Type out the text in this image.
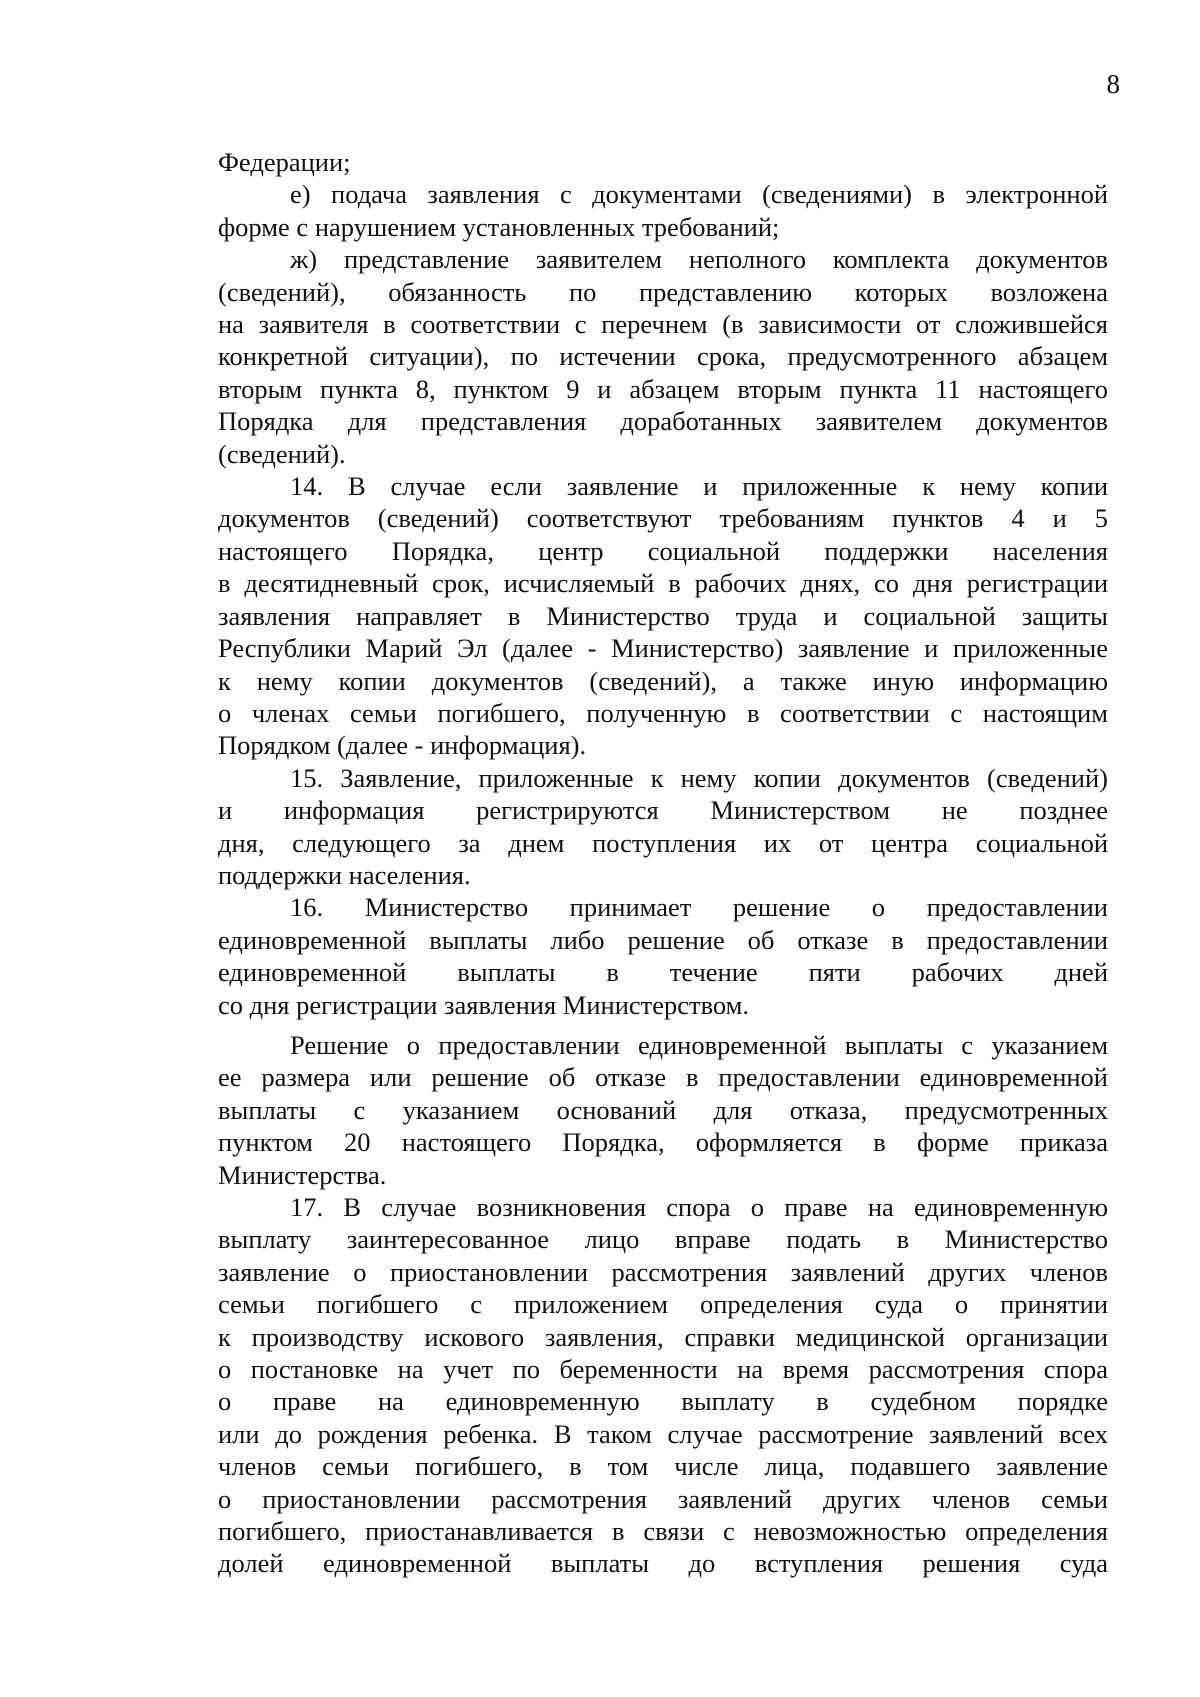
8
Федерации;
е) подача заявления с документами (сведениями) в электронной
форме с нарушением установленных требований;
ж) представление заявителем неполного комплекта документов
(сведений), обязанность по представлению которых возложена
на заявителя в соответствии с перечнем (в зависимости от сложившейся
конкретной ситуации), по истечении срока, предусмотренного абзацем
вторым пункта 8, пунктом 9 и абзацем вторым пункта 11 настоящего
Порядка для представления доработанных заявителем документов
(сведений).
14. В случае если заявление и приложенные к нему копии
документов (сведений) соответствуют требованиям пунктов 4 и 5
настоящего Порядка, центр социальной поддержки населения
в десятидневный срок, исчисляемый в рабочих днях, со дня регистрации
заявления направляет в Министерство труда и социальной защиты
Республики Марий Эл (далее - Министерство) заявление и приложенные
к нему копии документов (сведений), а также иную информацию
о членах семьи погибшего, полученную в соответствии с настоящим
Порядком (далее - информация).
15. Заявление, приложенные к нему копии документов (сведений)
и информация регистрируются Министерством не позднее
дня, следующего за днем поступления их от центра социальной
поддержки населения.
16. Министерство принимает решение о предоставлении
единовременной выплаты либо решение об отказе в предоставлении
единовременной выплаты в течение пяти рабочих дней
со дня регистрации заявления Министерством.
Решение о предоставлении единовременной выплаты с указанием
ее размера или решение об отказе в предоставлении единовременной
выплаты с указанием оснований для отказа, предусмотренных
пунктом 20 настоящего Порядка, оформляется в форме приказа
Министерства.
17. В случае возникновения спора о праве на единовременную
выплату заинтересованное лицо вправе подать в Министерство
заявление о приостановлении рассмотрения заявлений других членов
семьи погибшего с приложением определения суда о принятии
к производству искового заявления, справки медицинской организации
о постановке на учет по беременности на время рассмотрения спора
о праве на единовременную выплату в судебном порядке
или до рождения ребенка. В таком случае рассмотрение заявлений всех
членов семьи погибшего, в том числе лица, подавшего заявление
о приостановлении рассмотрения заявлений других членов семьи
погибшего, приостанавливается в связи с невозможностью определения
долей единовременной выплаты до вступления решения суда
